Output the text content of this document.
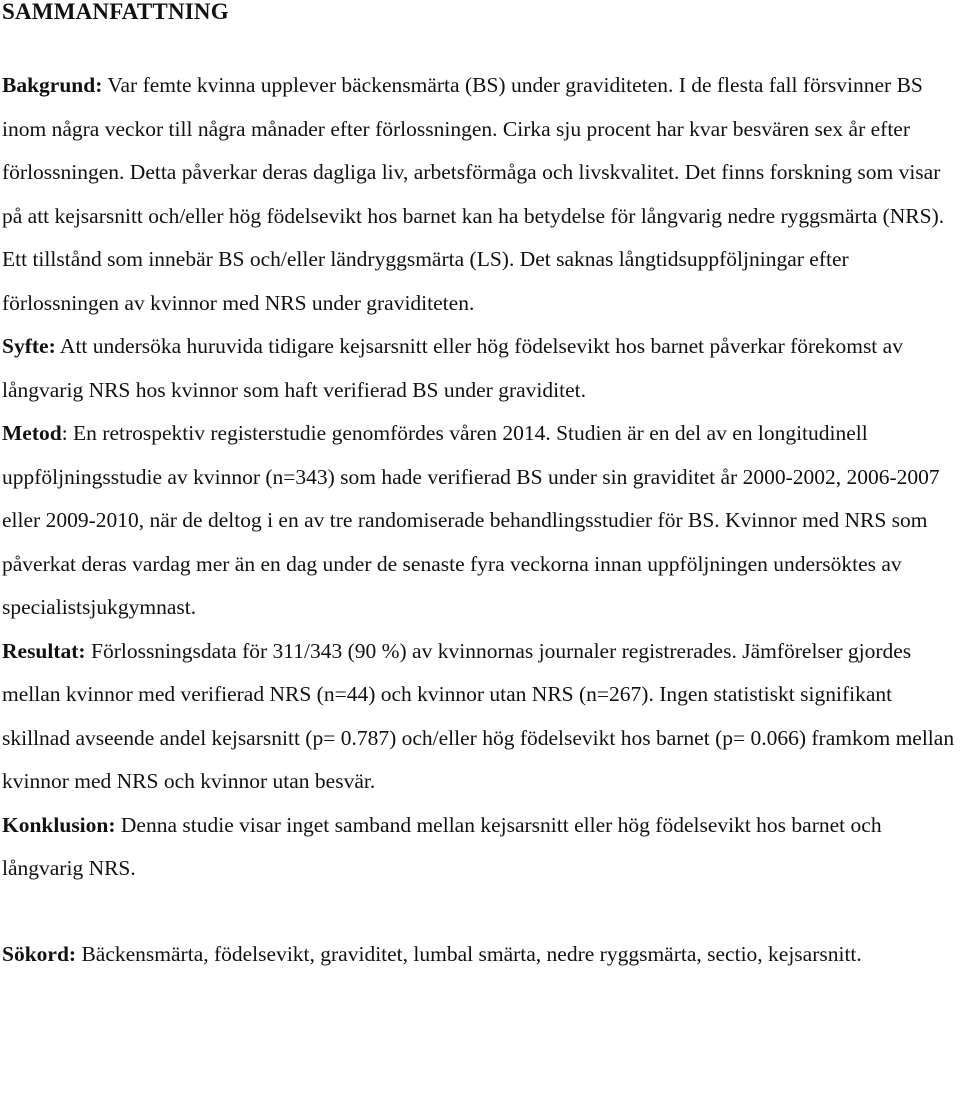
SAMMANFATTNING

Bakgrund: Var femte kvinna upplever bäckensmärta (BS) under graviditeten. I de flesta fall försvinner BS inom några veckor till några månader efter förlossningen. Cirka sju procent har kvar besvären sex år efter förlossningen. Detta påverkar deras dagliga liv, arbetsförmåga och livskvalitet. Det finns forskning som visar på att kejsarsnitt och/eller hög födelsevikt hos barnet kan ha betydelse för långvarig nedre ryggsmärta (NRS). Ett tillstånd som innebär BS och/eller ländryggsmärta (LS). Det saknas långtidsuppföljningar efter förlossningen av kvinnor med NRS under graviditeten.

Syfte: Att undersöka huruvida tidigare kejsarsnitt eller hög födelsevikt hos barnet påverkar förekomst av långvarig NRS hos kvinnor som haft verifierad BS under graviditet.

Metod: En retrospektiv registerstudie genomfördes våren 2014. Studien är en del av en longitudinell uppföljningsstudie av kvinnor (n=343) som hade verifierad BS under sin graviditet år 2000-2002, 2006-2007 eller 2009-2010, när de deltog i en av tre randomiserade behandlingsstudier för BS. Kvinnor med NRS som påverkat deras vardag mer än en dag under de senaste fyra veckorna innan uppföljningen undersöktes av specialistsjukgymnast.

Resultat: Förlossningsdata för 311/343 (90 %) av kvinnornas journaler registrerades. Jämförelser gjordes mellan kvinnor med verifierad NRS (n=44) och kvinnor utan NRS (n=267). Ingen statistiskt signifikant skillnad avseende andel kejsarsnitt (p= 0.787) och/eller hög födelsevikt hos barnet (p= 0.066) framkom mellan kvinnor med NRS och kvinnor utan besvär.

Konklusion: Denna studie visar inget samband mellan kejsarsnitt eller hög födelsevikt hos barnet och långvarig NRS.

Sökord: Bäckensmärta, födelsevikt, graviditet, lumbal smärta, nedre ryggsmärta, sectio, kejsarsnitt.
